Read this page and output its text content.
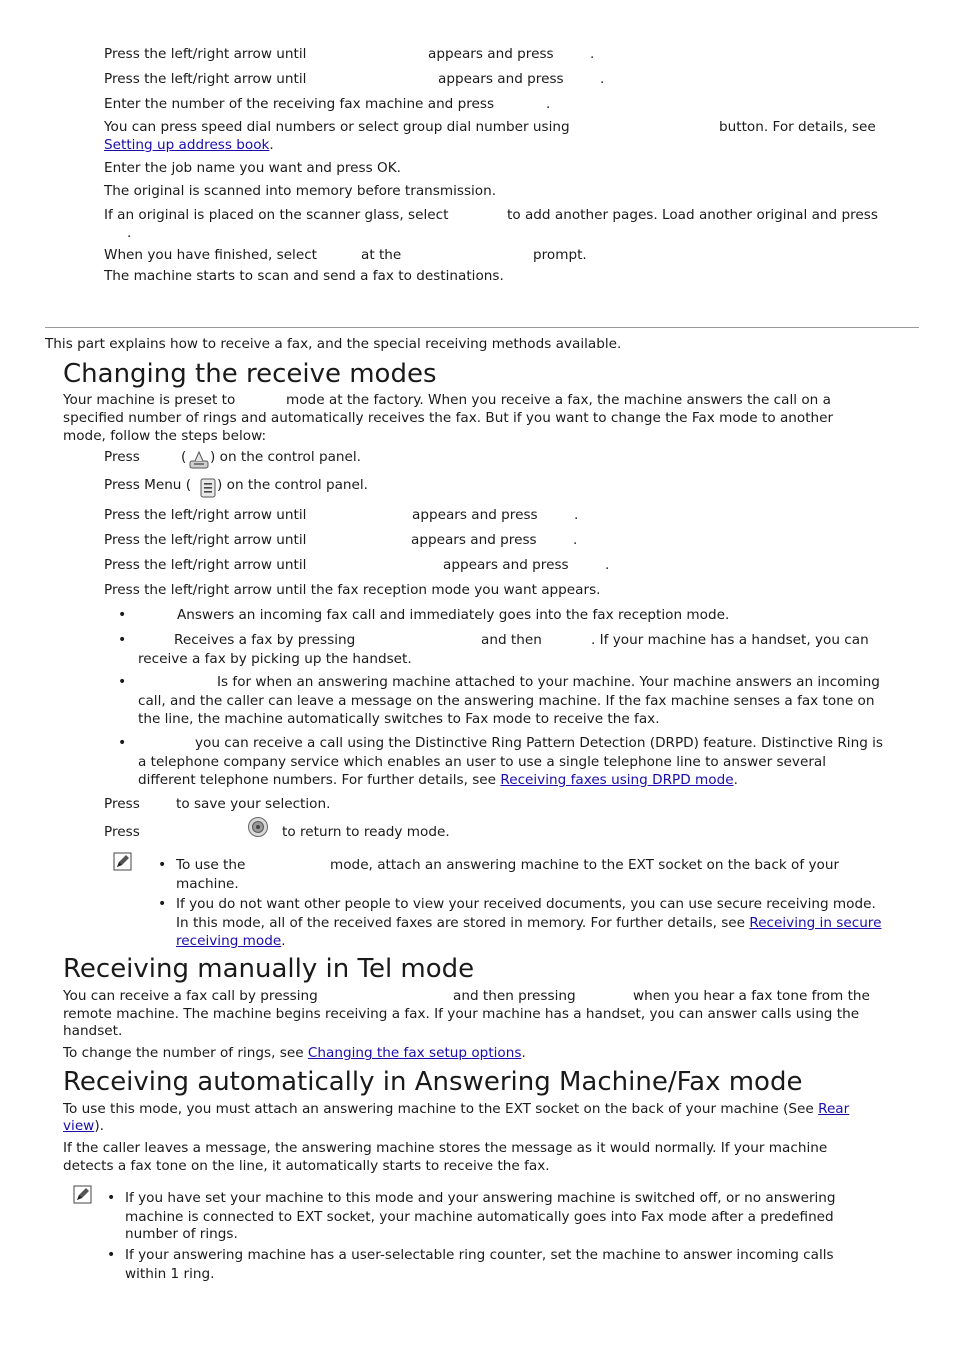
Press the left/right arrow until	appears and press	.
Press the left/right arrow until	appears and press	.
Enter the number of the receiving fax machine and press	.
You can press speed dial numbers or select group dial number using	button. For details, see
Setting up address book.
Enter the job name you want and press OK.
The original is scanned into memory before transmission.
If an original is placed on the scanner glass, select	to add another pages. Load another original and press
.
When you have finished, select	at the	prompt.
The machine starts to scan and send a fax to destinations.
This part explains how to receive a fax, and the special receiving methods available.
Changing the receive modes
Your machine is preset to	mode at the factory. When you receive a fax, the machine answers the call on a
specified number of rings and automatically receives the fax. But if you want to change the Fax mode to another
mode, follow the steps below:
Press	( ) on the control panel.
Press Menu ( ) on the control panel.
Press the left/right arrow until	appears and press	.
Press the left/right arrow until	appears and press	.
Press the left/right arrow until	appears and press	.
Press the left/right arrow until the fax reception mode you want appears.
•	Answers an incoming fax call and immediately goes into the fax reception mode.
•	Receives a fax by pressing	and then	. If your machine has a handset, you can
receive a fax by picking up the handset.
•	Is for when an answering machine attached to your machine. Your machine answers an incoming
call, and the caller can leave a message on the answering machine. If the fax machine senses a fax tone on
the line, the machine automatically switches to Fax mode to receive the fax.
•	you can receive a call using the Distinctive Ring Pattern Detection (DRPD) feature. Distinctive Ring is
a telephone company service which enables an user to use a single telephone line to answer several
different telephone numbers. For further details, see Receiving faxes using DRPD mode.
Press	to save your selection.
Press	to return to ready mode.
• To use the	mode, attach an answering machine to the EXT socket on the back of your
machine.
• If you do not want other people to view your received documents, you can use secure receiving mode.
In this mode, all of the received faxes are stored in memory. For further details, see Receiving in secure
receiving mode.
Receiving manually in Tel mode
You can receive a fax call by pressing	and then pressing	when you hear a fax tone from the
remote machine. The machine begins receiving a fax. If your machine has a handset, you can answer calls using the
handset.
To change the number of rings, see Changing the fax setup options.
Receiving automatically in Answering Machine/Fax mode
To use this mode, you must attach an answering machine to the EXT socket on the back of your machine (See Rear
view).
If the caller leaves a message, the answering machine stores the message as it would normally. If your machine
detects a fax tone on the line, it automatically starts to receive the fax.
• If you have set your machine to this mode and your answering machine is switched off, or no answering
machine is connected to EXT socket, your machine automatically goes into Fax mode after a predefined
number of rings.
• If your answering machine has a user-selectable ring counter, set the machine to answer incoming calls
within 1 ring.
